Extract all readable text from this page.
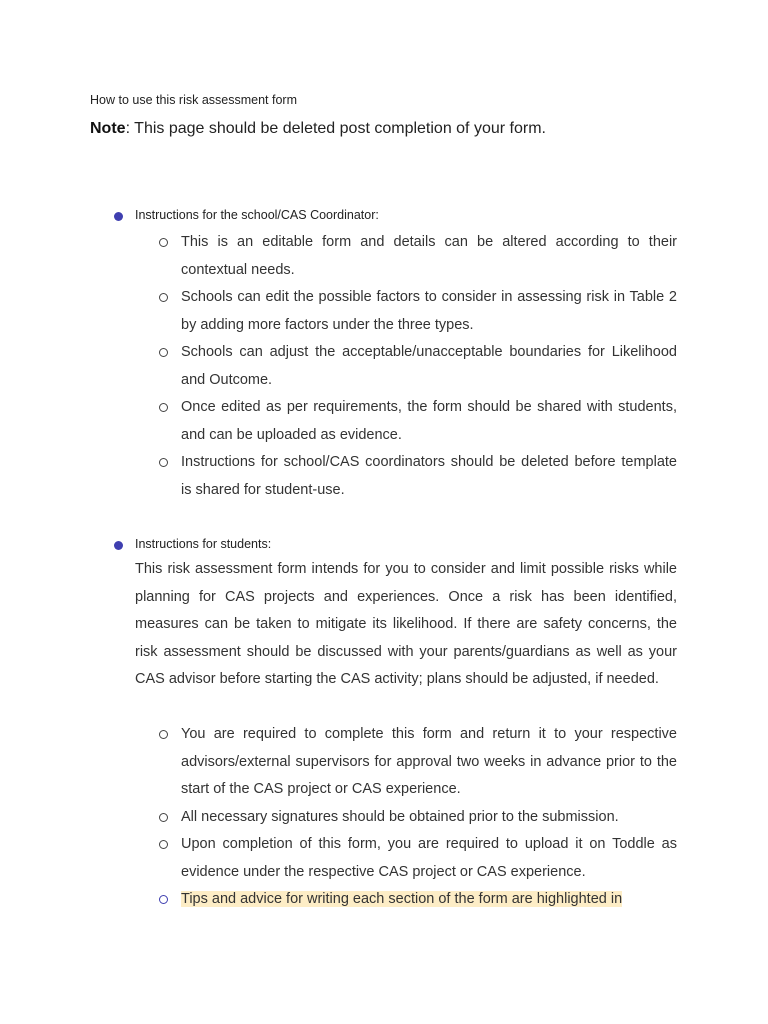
How to use this risk assessment form
Note: This page should be deleted post completion of your form.
Instructions for the school/CAS Coordinator:
This is an editable form and details can be altered according to their contextual needs.
Schools can edit the possible factors to consider in assessing risk in Table 2 by adding more factors under the three types.
Schools can adjust the acceptable/unacceptable boundaries for Likelihood and Outcome.
Once edited as per requirements, the form should be shared with students, and can be uploaded as evidence.
Instructions for school/CAS coordinators should be deleted before template is shared for student-use.
Instructions for students:
This risk assessment form intends for you to consider and limit possible risks while planning for CAS projects and experiences. Once a risk has been identified, measures can be taken to mitigate its likelihood. If there are safety concerns, the risk assessment should be discussed with your parents/guardians as well as your CAS advisor before starting the CAS activity; plans should be adjusted, if needed.
You are required to complete this form and return it to your respective advisors/external supervisors for approval two weeks in advance prior to the start of the CAS project or CAS experience.
All necessary signatures should be obtained prior to the submission.
Upon completion of this form, you are required to upload it on Toddle as evidence under the respective CAS project or CAS experience.
Tips and advice for writing each section of the form are highlighted in
